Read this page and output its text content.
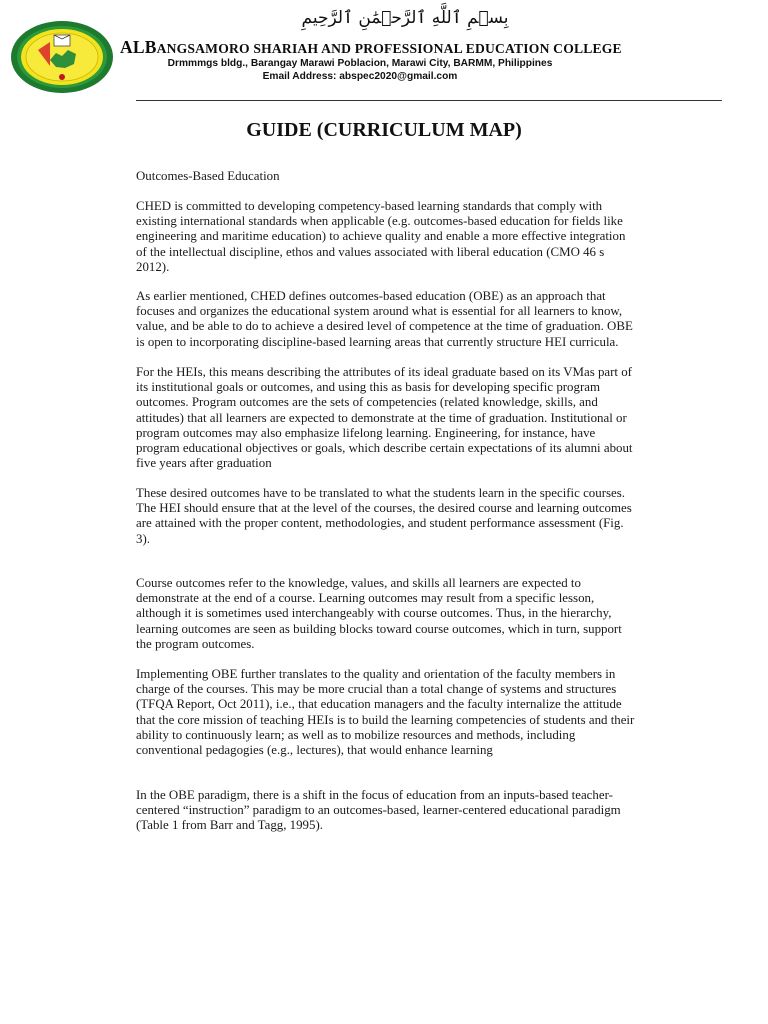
بِسۡمِ ٱللَّهِ ٱلرَّحۡمَٰنِ ٱلرَّحِيمِ
ALBANGSAMORO SHARIAH AND PROFESSIONAL EDUCATION COLLEGE
Drmmmgs bldg., Barangay Marawi Poblacion, Marawi City, BARMM, Philippines
Email Address: abspec2020@gmail.com
GUIDE (CURRICULUM MAP)

Outcomes-Based Education

CHED is committed to developing competency-based learning standards that comply with
existing international standards when applicable (e.g. outcomes-based education for fields like
engineering and maritime education) to achieve quality and enable a more effective integration
of the intellectual discipline, ethos and values associated with liberal education (CMO 46 s
2012).

As earlier mentioned, CHED defines outcomes-based education (OBE) as an approach that
focuses and organizes the educational system around what is essential for all learners to know,
value, and be able to do to achieve a desired level of competence at the time of graduation. OBE
is open to incorporating discipline-based learning areas that currently structure HEI curricula.

For the HEIs, this means describing the attributes of its ideal graduate based on its VMas part of
its institutional goals or outcomes, and using this as basis for developing specific program
outcomes. Program outcomes are the sets of competencies (related knowledge, skills, and
attitudes) that all learners are expected to demonstrate at the time of graduation. Institutional or
program outcomes may also emphasize lifelong learning. Engineering, for instance, have
program educational objectives or goals, which describe certain expectations of its alumni about
five years after graduation

These desired outcomes have to be translated to what the students learn in the specific courses.
The HEI should ensure that at the level of the courses, the desired course and learning outcomes
are attained with the proper content, methodologies, and student performance assessment (Fig.
3).

Course outcomes refer to the knowledge, values, and skills all learners are expected to
demonstrate at the end of a course. Learning outcomes may result from a specific lesson,
although it is sometimes used interchangeably with course outcomes. Thus, in the hierarchy,
learning outcomes are seen as building blocks toward course outcomes, which in turn, support
the program outcomes.

Implementing OBE further translates to the quality and orientation of the faculty members in
charge of the courses. This may be more crucial than a total change of systems and structures
(TFQA Report, Oct 2011), i.e., that education managers and the faculty internalize the attitude
that the core mission of teaching HEIs is to build the learning competencies of students and their
ability to continuously learn; as well as to mobilize resources and methods, including
conventional pedagogies (e.g., lectures), that would enhance learning

In the OBE paradigm, there is a shift in the focus of education from an inputs-based teacher-
centered “instruction” paradigm to an outcomes-based, learner-centered educational paradigm
(Table 1 from Barr and Tagg, 1995).
